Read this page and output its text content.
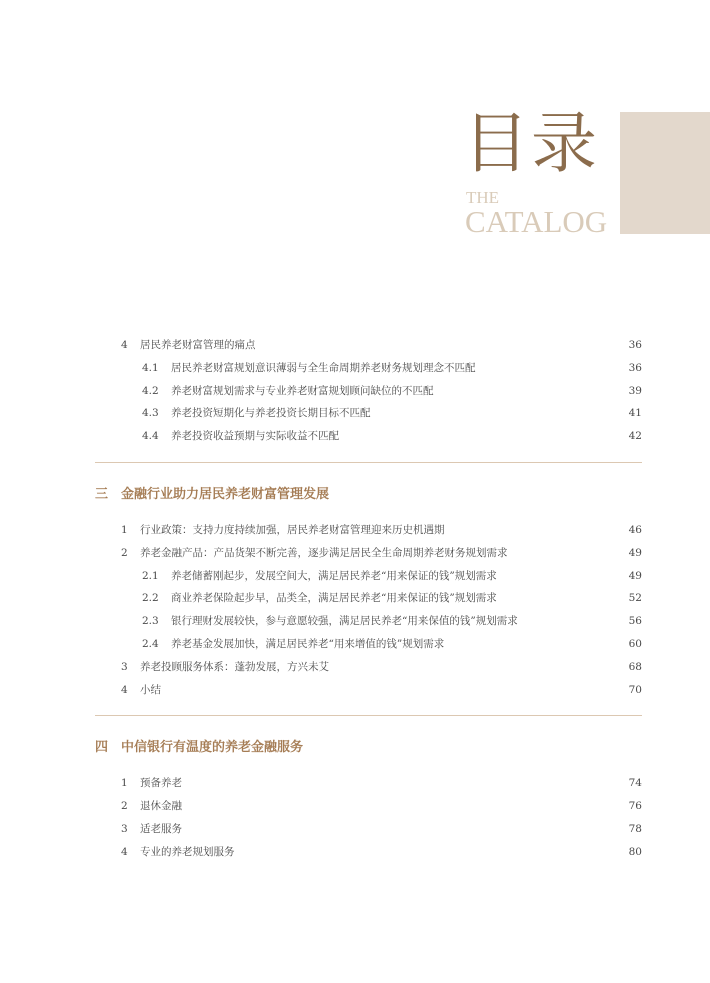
目录
THE
CATALOG
4 居民养老财富管理的痛点	36
4.1 居民养老财富规划意识薄弱与全生命周期养老财务规划理念不匹配	36
4.2 养老财富规划需求与专业养老财富规划顾问缺位的不匹配	39
4.3 养老投资短期化与养老投资长期目标不匹配	41
4.4 养老投资收益预期与实际收益不匹配	42
三 金融行业助力居民养老财富管理发展
1 行业政策：支持力度持续加强，居民养老财富管理迎来历史机遇期	46
2 养老金融产品：产品货架不断完善，逐步满足居民全生命周期养老财务规划需求	49
2.1 养老储蓄刚起步，发展空间大，满足居民养老“用来保证的钱”规划需求	49
2.2 商业养老保险起步早，品类全，满足居民养老“用来保证的钱”规划需求	52
2.3 银行理财发展较快，参与意愿较强，满足居民养老“用来保值的钱”规划需求	56
2.4 养老基金发展加快，满足居民养老“用来增值的钱”规划需求	60
3 养老投顾服务体系：蓬勃发展，方兴未艾	68
4 小结	70
四 中信银行有温度的养老金融服务
1 预备养老	74
2 退休金融	76
3 适老服务	78
4 专业的养老规划服务	80
